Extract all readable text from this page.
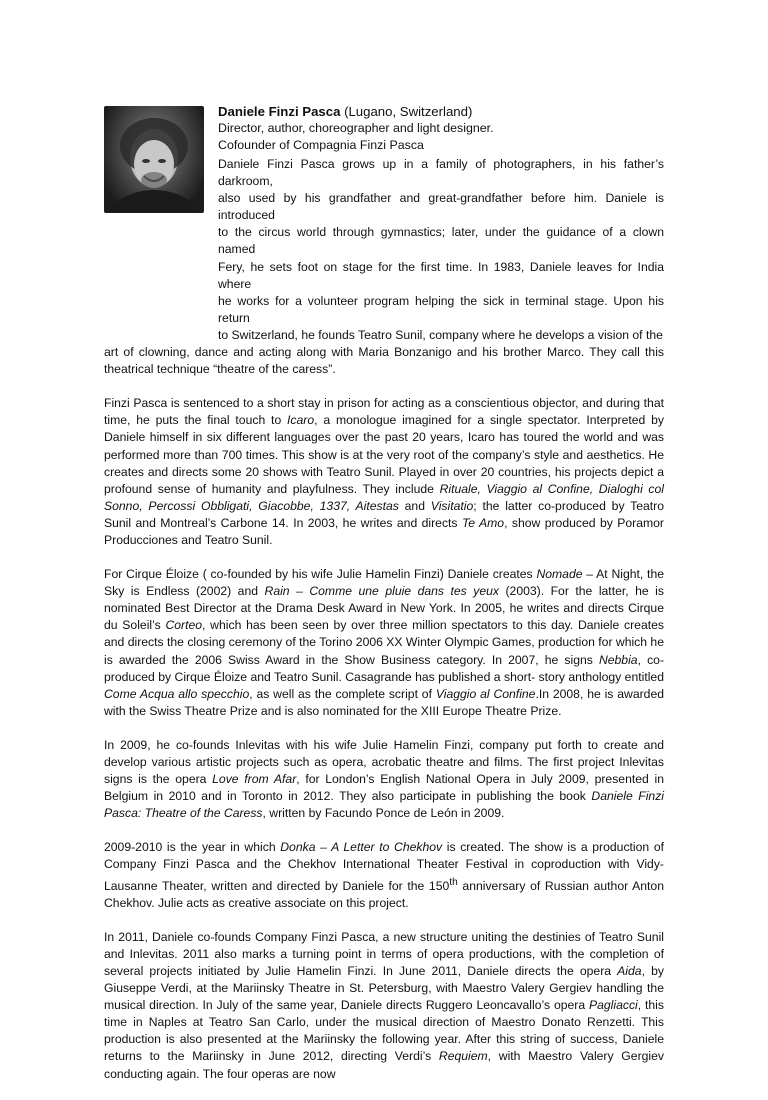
Daniele Finzi Pasca (Lugano, Switzerland)
Director, author, choreographer and light designer.
Cofounder of Compagnia Finzi Pasca
Daniele Finzi Pasca grows up in a family of photographers, in his father’s darkroom,
also used by his grandfather and great-grandfather before him. Daniele is introduced
to the circus world through gymnastics; later, under the guidance of a clown named
Fery, he sets foot on stage for the first time. In 1983, Daniele leaves for India where
he works for a volunteer program helping the sick in terminal stage. Upon his return
to Switzerland, he founds Teatro Sunil, company where he develops a vision of the
art of clowning, dance and acting along with Maria Bonzanigo and his brother Marco. They call this theatrical technique “theatre of the caress”.

Finzi Pasca is sentenced to a short stay in prison for acting as a conscientious objector, and during that time, he puts the final touch to Icaro, a monologue imagined for a single spectator. Interpreted by Daniele himself in six different languages over the past 20 years, Icaro has toured the world and was performed more than 700 times. This show is at the very root of the company’s style and aesthetics. He creates and directs some 20 shows with Teatro Sunil. Played in over 20 countries, his projects depict a profound sense of humanity and playfulness. They include Rituale, Viaggio al Confine, Dialoghi col Sonno, Percossi Obbligati, Giacobbe, 1337, Aitestas and Visitatio; the latter co-produced by Teatro Sunil and Montreal’s Carbone 14. In 2003, he writes and directs Te Amo, show produced by Poramor Producciones and Teatro Sunil.

For Cirque Éloize ( co-founded by his wife Julie Hamelin Finzi) Daniele creates Nomade – At Night, the Sky is Endless (2002) and Rain – Comme une pluie dans tes yeux (2003). For the latter, he is nominated Best Director at the Drama Desk Award in New York. In 2005, he writes and directs Cirque du Soleil’s Corteo, which has been seen by over three million spectators to this day. Daniele creates and directs the closing ceremony of the Torino 2006 XX Winter Olympic Games, production for which he is awarded the 2006 Swiss Award in the Show Business category. In 2007, he signs Nebbia, co-produced by Cirque Éloize and Teatro Sunil. Casagrande has published a short- story anthology entitled Come Acqua allo specchio, as well as the complete script of Viaggio al Confine.In 2008, he is awarded with the Swiss Theatre Prize and is also nominated for the XIII Europe Theatre Prize.

In 2009, he co-founds Inlevitas with his wife Julie Hamelin Finzi, company put forth to create and develop various artistic projects such as opera, acrobatic theatre and films. The first project Inlevitas signs is the opera Love from Afar, for London’s English National Opera in July 2009, presented in Belgium in 2010 and in Toronto in 2012. They also participate in publishing the book Daniele Finzi Pasca: Theatre of the Caress, written by Facundo Ponce de León in 2009.

2009-2010 is the year in which Donka – A Letter to Chekhov is created. The show is a production of Company Finzi Pasca and the Chekhov International Theater Festival in coproduction with Vidy-Lausanne Theater, written and directed by Daniele for the 150th anniversary of Russian author Anton Chekhov. Julie acts as creative associate on this project.

In 2011, Daniele co-founds Company Finzi Pasca, a new structure uniting the destinies of Teatro Sunil and Inlevitas. 2011 also marks a turning point in terms of opera productions, with the completion of several projects initiated by Julie Hamelin Finzi. In June 2011, Daniele directs the opera Aida, by Giuseppe Verdi, at the Mariinsky Theatre in St. Petersburg, with Maestro Valery Gergiev handling the musical direction. In July of the same year, Daniele directs Ruggero Leoncavallo’s opera Pagliacci, this time in Naples at Teatro San Carlo, under the musical direction of Maestro Donato Renzetti. This production is also presented at the Mariinsky the following year. After this string of success, Daniele returns to the Mariinsky in June 2012, directing Verdi’s Requiem, with Maestro Valery Gergiev conducting again. The four operas are now
